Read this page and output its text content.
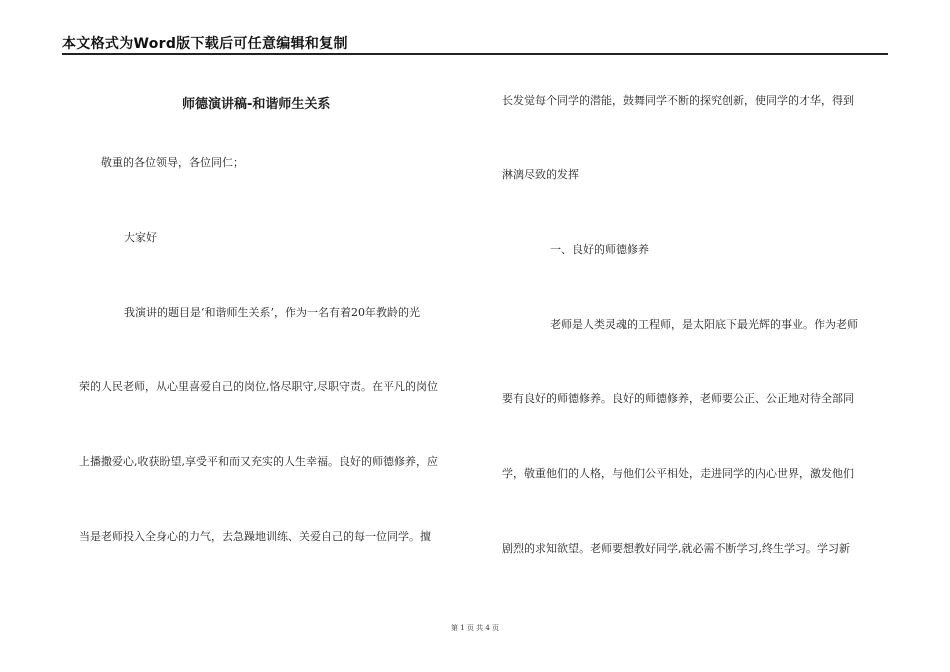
本文格式为Word版下载后可任意编辑和复制
师德演讲稿-和谐师生关系
敬重的各位领导，各位同仁；
大家好
我演讲的题目是‘和谐师生关系’，作为一名有着20年教龄的光
荣的人民老师，从心里喜爱自己的岗位,恪尽职守,尽职守责。在平凡的岗位
上播撒爱心,收获盼望,享受平和而又充实的人生幸福。良好的师德修养，应
当是老师投入全身心的力气，去急躁地训练、关爱自己的每一位同学。擅
长发觉每个同学的潜能，鼓舞同学不断的探究创新，使同学的才华，得到
淋漓尽致的发挥
一、良好的师德修养
老师是人类灵魂的工程师，是太阳底下最光辉的事业。作为老师
要有良好的师德修养。良好的师德修养，老师要公正、公正地对待全部同
学，敬重他们的人格，与他们公平相处，走进同学的内心世界，激发他们
剧烈的求知欲望。老师要想教好同学,就必需不断学习,终生学习。学习新
第 1 页 共 4 页
